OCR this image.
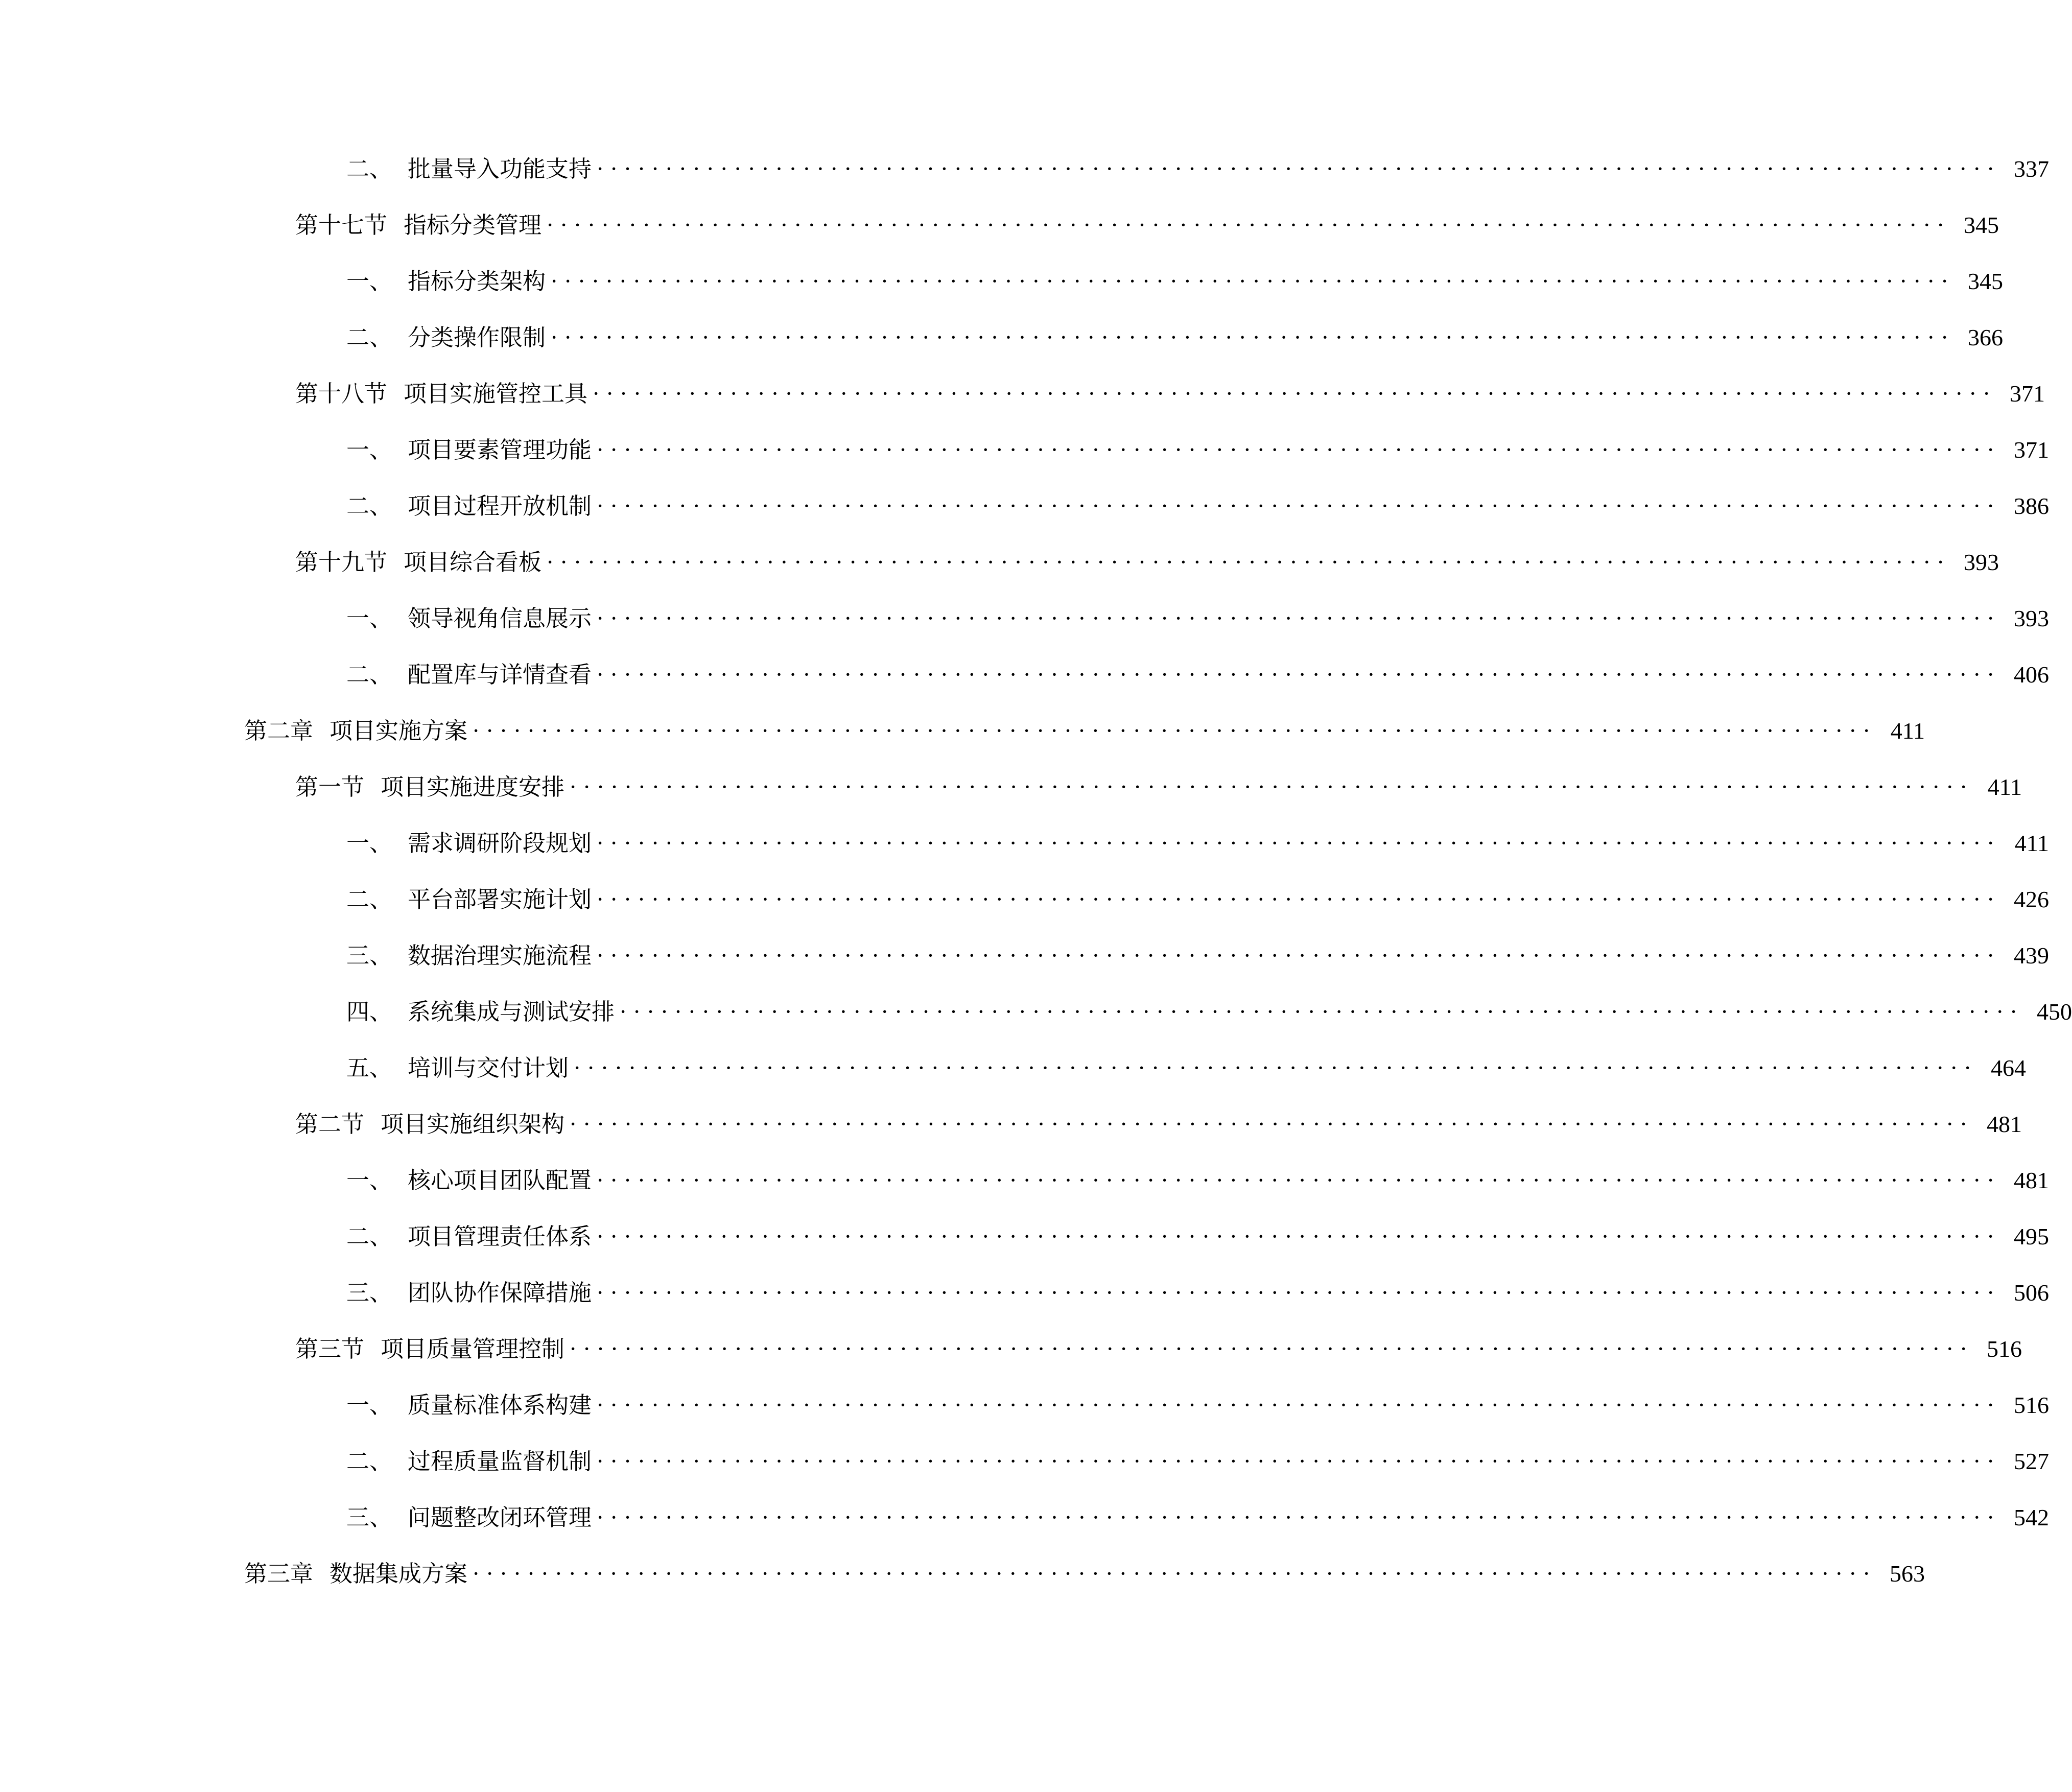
二、 批量导入功能支持 ······································································································ 337
第十七节 指标分类管理 ······································································································ 345
一、 指标分类架构 ······································································································ 345
二、 分类操作限制 ······································································································ 366
第十八节 项目实施管控工具 ······································································································ 371
一、 项目要素管理功能 ······································································································ 371
二、 项目过程开放机制 ······································································································ 386
第十九节 项目综合看板 ······································································································ 393
一、 领导视角信息展示 ······································································································ 393
二、 配置库与详情查看 ······································································································ 406
第二章 项目实施方案 ······································································································ 411
第一节 项目实施进度安排 ······································································································ 411
一、 需求调研阶段规划 ······································································································ 411
二、 平台部署实施计划 ······································································································ 426
三、 数据治理实施流程 ······································································································ 439
四、 系统集成与测试安排 ······································································································ 450
五、 培训与交付计划 ······································································································ 464
第二节 项目实施组织架构 ······································································································ 481
一、 核心项目团队配置 ······································································································ 481
二、 项目管理责任体系 ······································································································ 495
三、 团队协作保障措施 ······································································································ 506
第三节 项目质量管理控制 ······································································································ 516
一、 质量标准体系构建 ······································································································ 516
二、 过程质量监督机制 ······································································································ 527
三、 问题整改闭环管理 ······································································································ 542
第三章 数据集成方案 ······································································································ 563
